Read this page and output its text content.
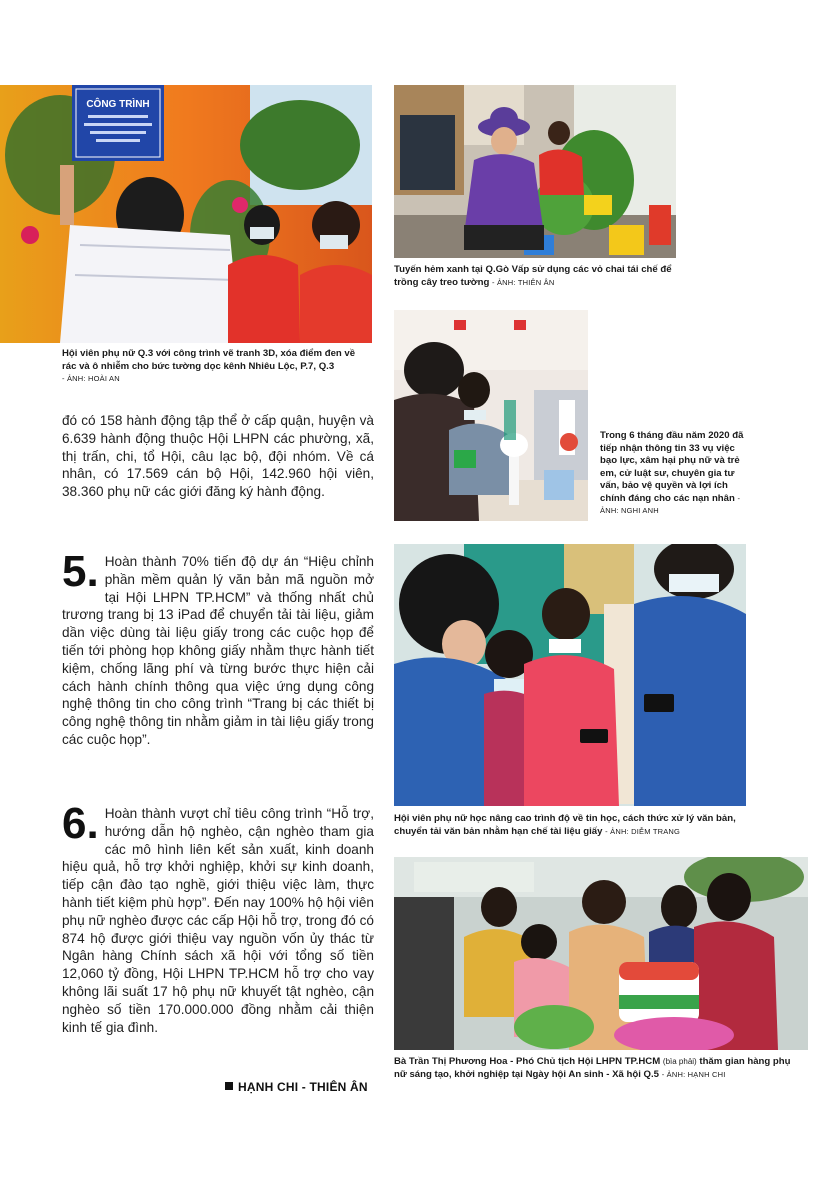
CÔNG TRÌNH
Hội viên phụ nữ Q.3 với công trình vẽ tranh 3D, xóa điểm đen về rác và ô nhiễm cho bức tường dọc kênh Nhiêu Lộc, P.7, Q.3
- ẢNH: HOÀI AN
Tuyến hẻm xanh tại Q.Gò Vấp sử dụng các vỏ chai tái chế để trồng cây treo tường - ẢNH: THIÊN ÂN
Trong 6 tháng đầu năm 2020 đã tiếp nhận thông tin 33 vụ việc bạo lực, xâm hại phụ nữ và trẻ em, cử luật sư, chuyên gia tư vấn, bảo vệ quyền và lợi ích chính đáng cho các nạn nhân - ẢNH: NGHI ANH
Hội viên phụ nữ học nâng cao trình độ về tin học, cách thức xử lý văn bản, chuyển tải văn bản nhằm hạn chế tài liệu giấy - ẢNH: DIỄM TRANG
Bà Trần Thị Phương Hoa - Phó Chủ tịch Hội LHPN TP.HCM (bìa phải) thăm gian hàng phụ nữ sáng tạo, khởi nghiệp tại Ngày hội An sinh - Xã hội Q.5 - ẢNH: HẠNH CHI
đó có 158 hành động tập thể ở cấp quận, huyện và 6.639 hành động thuộc Hội LHPN các phường, xã, thị trấn, chi, tổ Hội, câu lạc bộ, đội nhóm. Về cá nhân, có 17.569 cán bộ Hội, 142.960 hội viên, 38.360 phụ nữ các giới đăng ký hành động.
5. Hoàn thành 70% tiến độ dự án “Hiệu chỉnh phần mềm quản lý văn bản mã nguồn mở tại Hội LHPN TP.HCM” và thống nhất chủ trương trang bị 13 iPad để chuyển tải tài liệu, giảm dần việc dùng tài liệu giấy trong các cuộc họp để tiến tới phòng họp không giấy nhằm thực hành tiết kiệm, chống lãng phí và từng bước thực hiện cải cách hành chính thông qua việc ứng dụng công nghệ thông tin cho công trình “Trang bị các thiết bị công nghệ thông tin nhằm giảm in tài liệu giấy trong các cuộc họp”.
6. Hoàn thành vượt chỉ tiêu công trình “Hỗ trợ, hướng dẫn hộ nghèo, cận nghèo tham gia các mô hình liên kết sản xuất, kinh doanh hiệu quả, hỗ trợ khởi nghiệp, khởi sự kinh doanh, tiếp cận đào tạo nghề, giới thiệu việc làm, thực hành tiết kiệm phù hợp”. Đến nay 100% hộ hội viên phụ nữ nghèo được các cấp Hội hỗ trợ, trong đó có 874 hộ được giới thiệu vay nguồn vốn ủy thác từ Ngân hàng Chính sách xã hội với tổng số tiền 12,060 tỷ đồng, Hội LHPN TP.HCM hỗ trợ cho vay không lãi suất 17 hộ phụ nữ khuyết tật nghèo, cận nghèo số tiền 170.000.000 đồng nhằm cải thiện kinh tế gia đình.
HẠNH CHI - THIÊN ÂN
